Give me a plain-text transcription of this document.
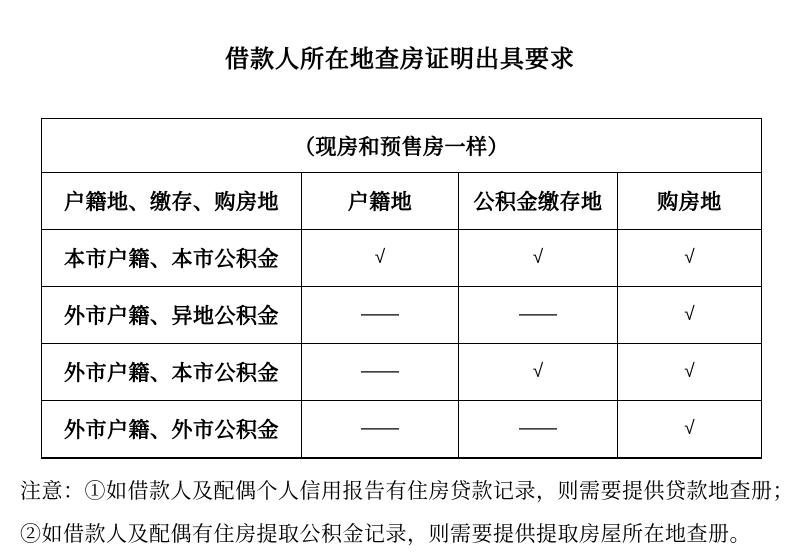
借款人所在地查房证明出具要求
（现房和预售房一样）			
户籍地、缴存、购房地	户籍地	公积金缴存地	购房地
本市户籍、本市公积金	√	√	√
外市户籍、异地公积金	——	——	√
外市户籍、本市公积金	——	√	√
外市户籍、外市公积金	——	——	√

注意：①如借款人及配偶个人信用报告有住房贷款记录，则需要提供贷款地查册；

②如借款人及配偶有住房提取公积金记录，则需要提供提取房屋所在地查册。
